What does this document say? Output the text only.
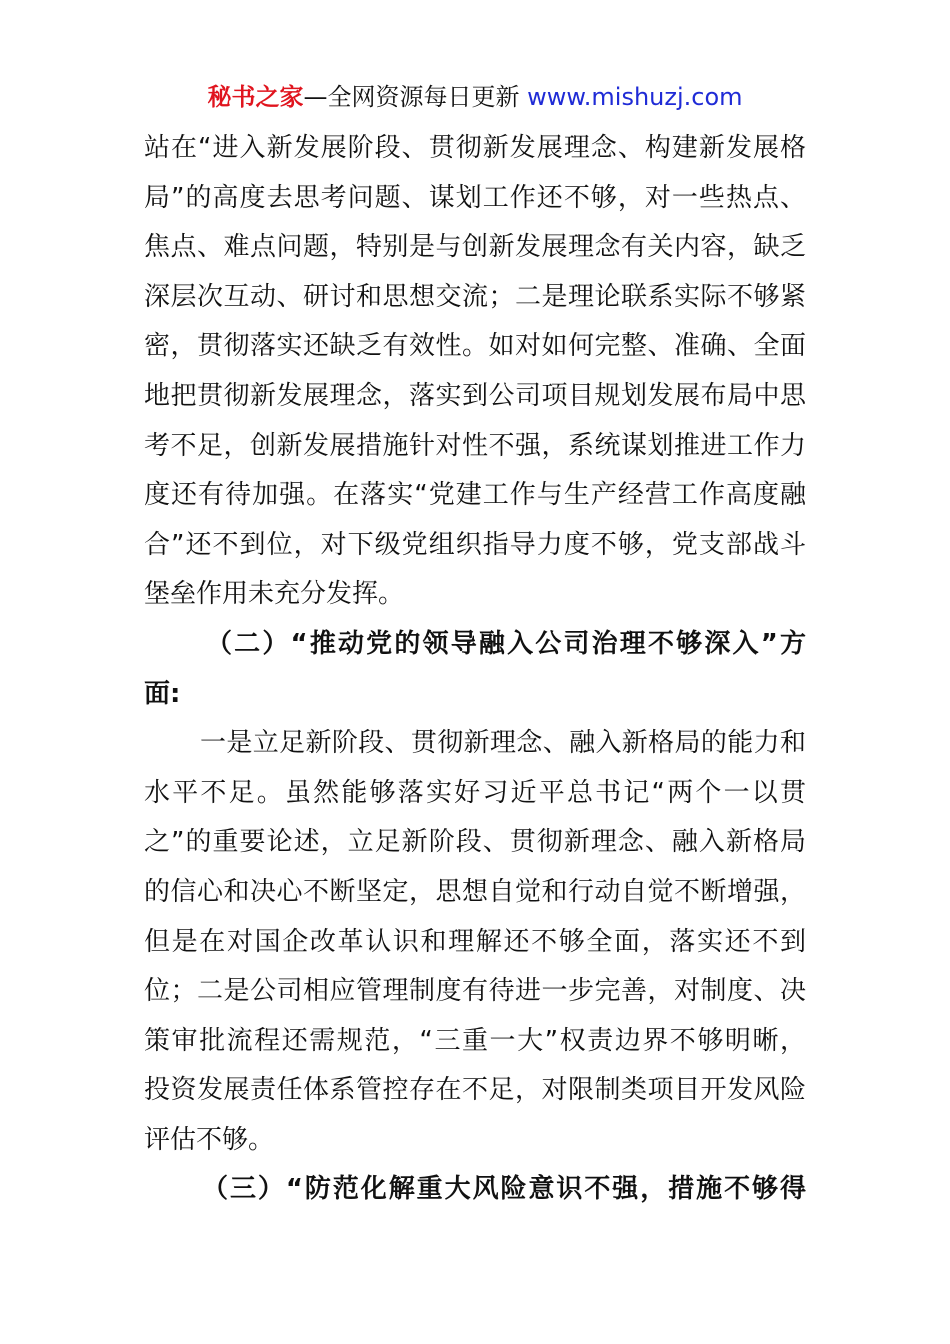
秘书之家—全网资源每日更新 www.mishuzj.com
站在“进入新发展阶段、贯彻新发展理念、构建新发展格
局”的高度去思考问题、谋划工作还不够，对一些热点、
焦点、难点问题，特别是与创新发展理念有关内容，缺乏
深层次互动、研讨和思想交流；二是理论联系实际不够紧
密，贯彻落实还缺乏有效性。如对如何完整、准确、全面
地把贯彻新发展理念，落实到公司项目规划发展布局中思
考不足，创新发展措施针对性不强，系统谋划推进工作力
度还有待加强。在落实“党建工作与生产经营工作高度融
合”还不到位，对下级党组织指导力度不够，党支部战斗
堡垒作用未充分发挥。
（二）“推动党的领导融入公司治理不够深入”方
面:
一是立足新阶段、贯彻新理念、融入新格局的能力和
水平不足。虽然能够落实好习近平总书记“两个一以贯
之”的重要论述，立足新阶段、贯彻新理念、融入新格局
的信心和决心不断坚定，思想自觉和行动自觉不断增强，
但是在对国企改革认识和理解还不够全面，落实还不到
位；二是公司相应管理制度有待进一步完善，对制度、决
策审批流程还需规范，“三重一大”权责边界不够明晰，
投资发展责任体系管控存在不足，对限制类项目开发风险
评估不够。
（三）“防范化解重大风险意识不强，措施不够得
